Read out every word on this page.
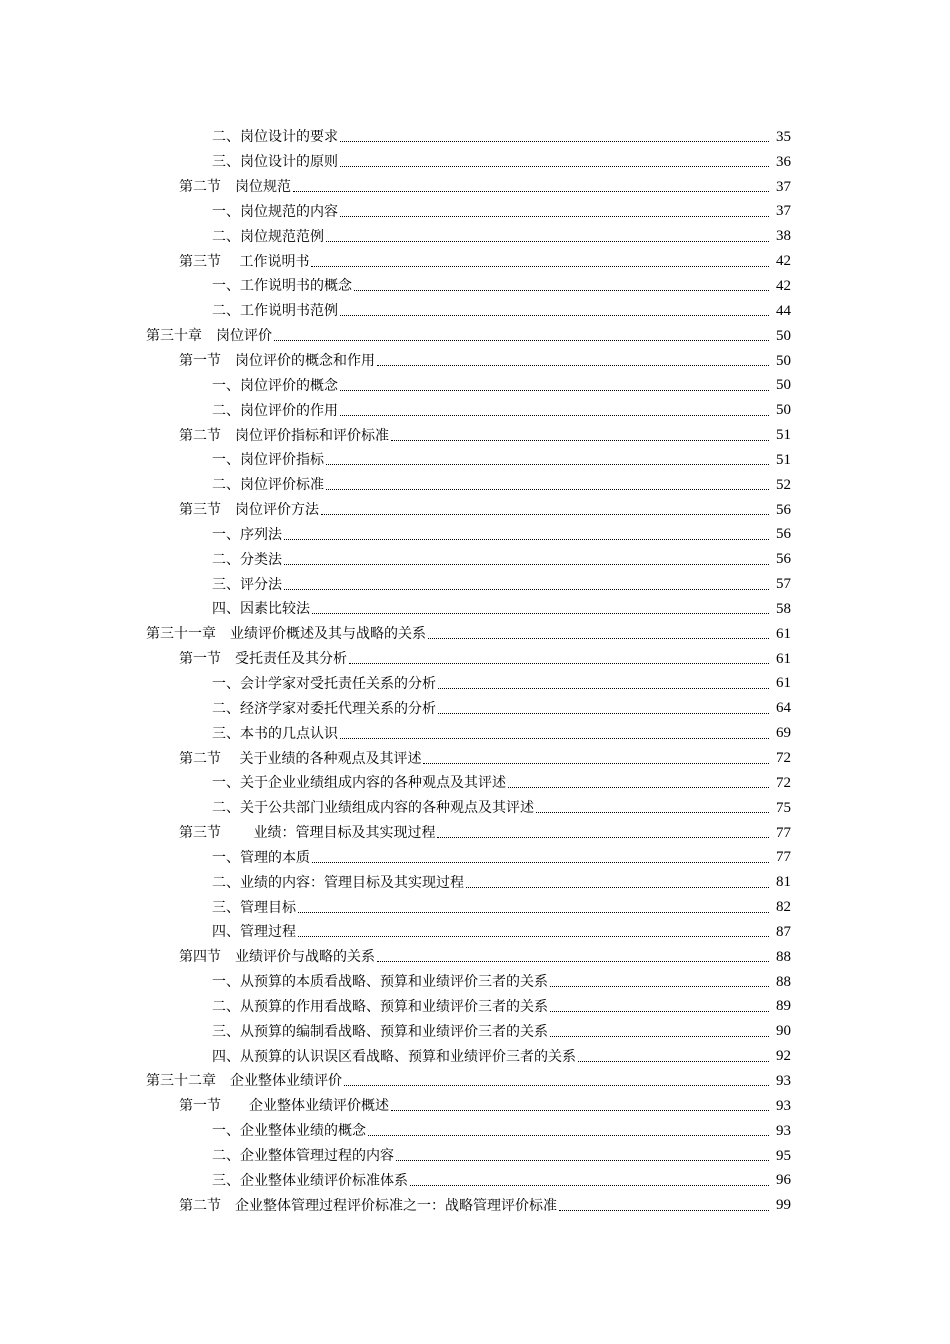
二、岗位设计的要求	35
三、岗位设计的原则	36
第二节　岗位规范	37
一、岗位规范的内容	37
二、岗位规范范例	38
第三节　 工作说明书	42
一、工作说明书的概念	42
二、工作说明书范例	44
第三十章　岗位评价	50
第一节　岗位评价的概念和作用	50
一、岗位评价的概念	50
二、岗位评价的作用	50
第二节　岗位评价指标和评价标准	51
一、岗位评价指标	51
二、岗位评价标准	52
第三节　岗位评价方法	56
一、序列法	56
二、分类法	56
三、评分法	57
四、因素比较法	58
第三十一章　业绩评价概述及其与战略的关系	61
第一节　受托责任及其分析	61
一、会计学家对受托责任关系的分析	61
二、经济学家对委托代理关系的分析	64
三、本书的几点认识	69
第二节　 关于业绩的各种观点及其评述	72
一、关于企业业绩组成内容的各种观点及其评述	72
二、关于公共部门业绩组成内容的各种观点及其评述	75
第三节　　 业绩：管理目标及其实现过程	77
一、管理的本质	77
二、业绩的内容：管理目标及其实现过程	81
三、管理目标	82
四、管理过程	87
第四节　业绩评价与战略的关系	88
一、从预算的本质看战略、预算和业绩评价三者的关系	88
二、从预算的作用看战略、预算和业绩评价三者的关系	89
三、从预算的编制看战略、预算和业绩评价三者的关系	90
四、从预算的认识误区看战略、预算和业绩评价三者的关系	92
第三十二章　企业整体业绩评价	93
第一节　　企业整体业绩评价概述	93
一、企业整体业绩的概念	93
二、企业整体管理过程的内容	95
三、企业整体业绩评价标准体系	96
第二节　企业整体管理过程评价标准之一：战略管理评价标准	99
